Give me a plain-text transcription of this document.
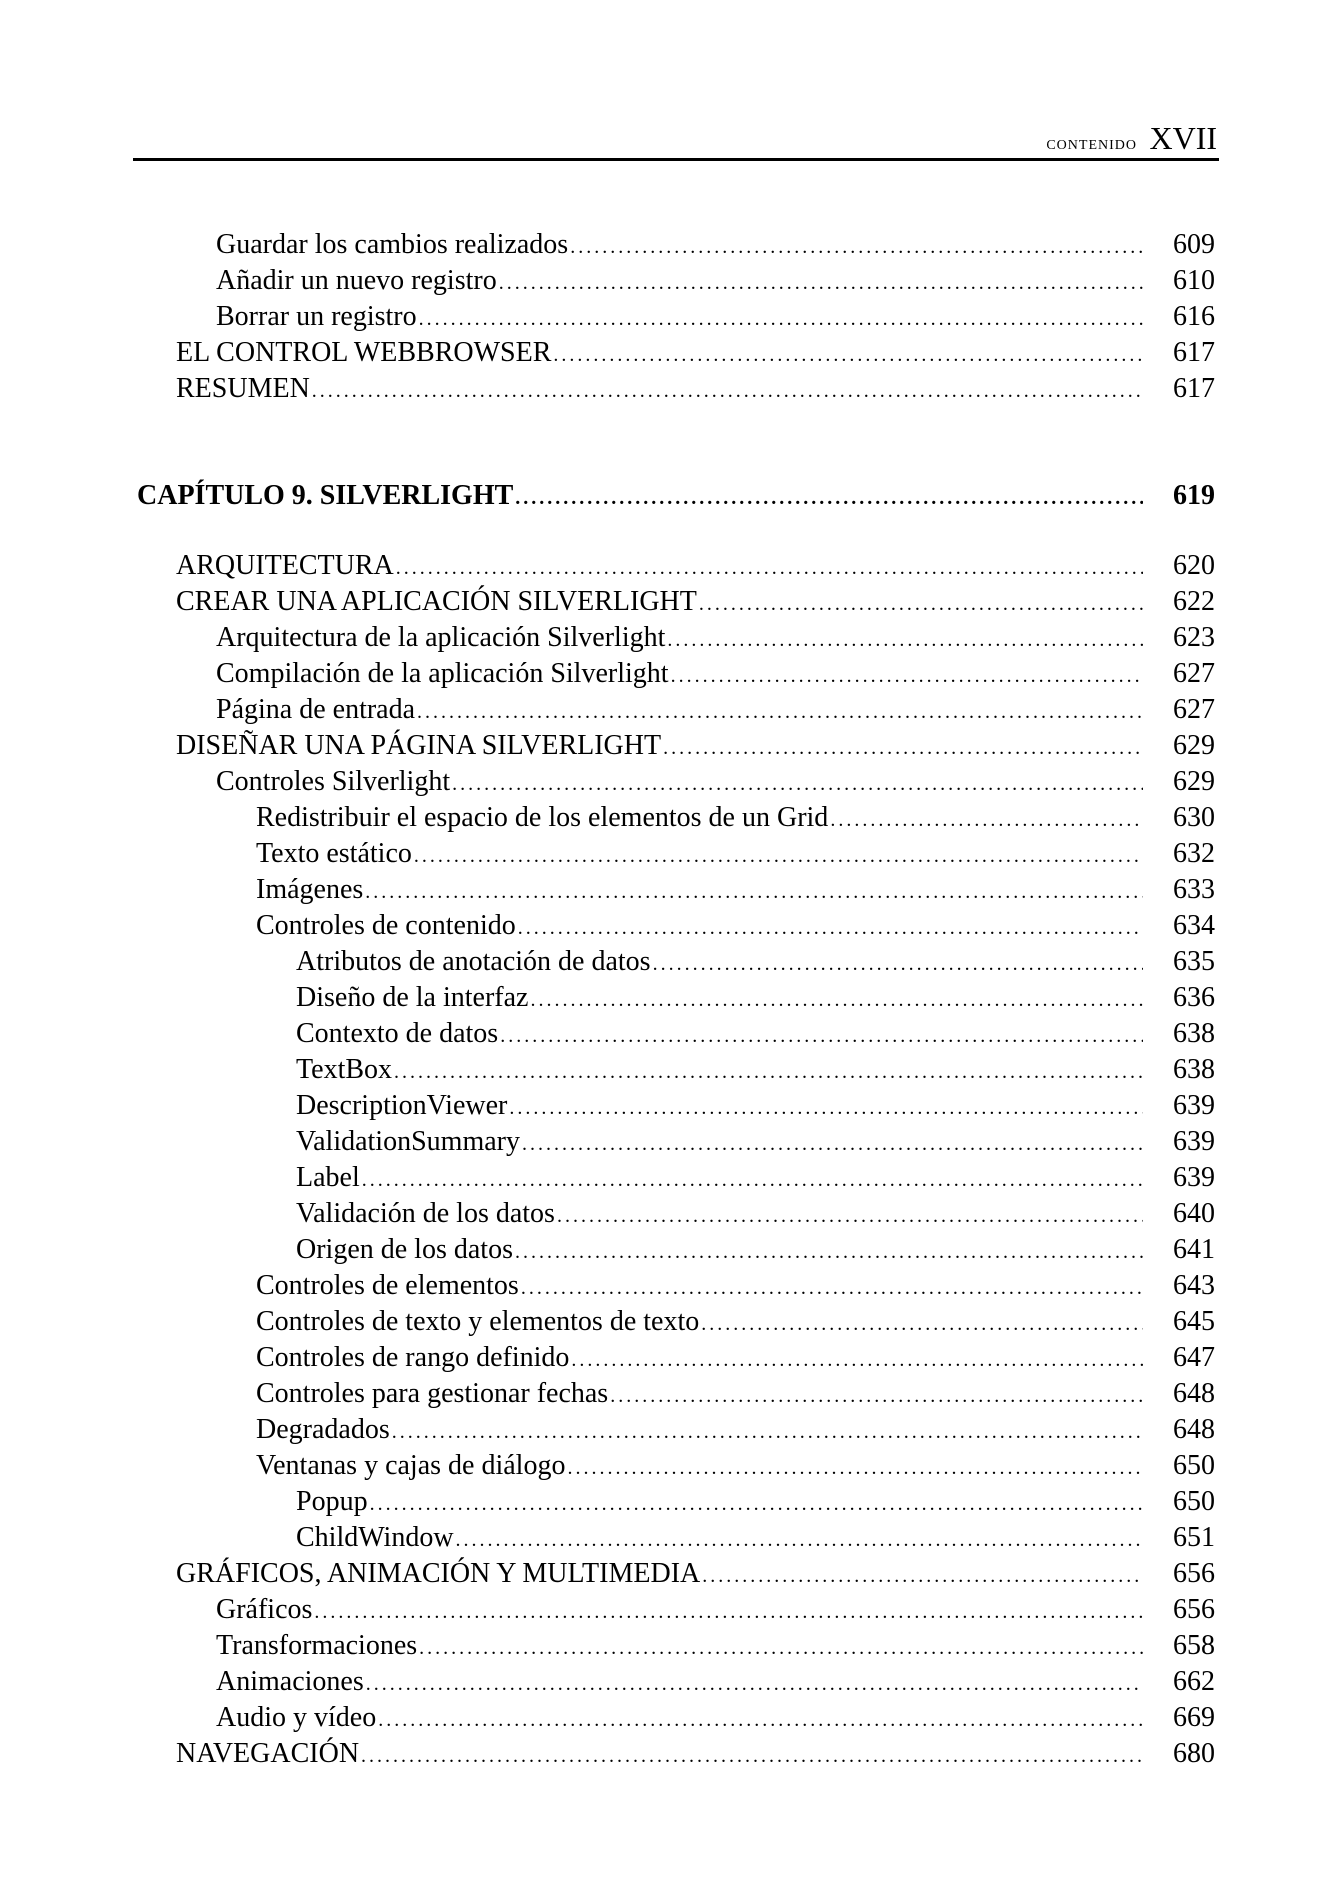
contenido XVII
Guardar los cambios realizados .....	609
Añadir un nuevo registro .....	610
Borrar un registro .....	616
EL CONTROL WEBBROWSER .....	617
RESUMEN .....	617
CAPÍTULO 9. SILVERLIGHT .....	619
ARQUITECTURA .....	620
CREAR UNA APLICACIÓN SILVERLIGHT .....	622
Arquitectura de la aplicación Silverlight .....	623
Compilación de la aplicación Silverlight .....	627
Página de entrada .....	627
DISEÑAR UNA PÁGINA SILVERLIGHT .....	629
Controles Silverlight .....	629
Redistribuir el espacio de los elementos de un Grid .....	630
Texto estático .....	632
Imágenes .....	633
Controles de contenido .....	634
Atributos de anotación de datos .....	635
Diseño de la interfaz .....	636
Contexto de datos .....	638
TextBox .....	638
DescriptionViewer .....	639
ValidationSummary .....	639
Label .....	639
Validación de los datos .....	640
Origen de los datos .....	641
Controles de elementos .....	643
Controles de texto y elementos de texto .....	645
Controles de rango definido .....	647
Controles para gestionar fechas .....	648
Degradados .....	648
Ventanas y cajas de diálogo .....	650
Popup .....	650
ChildWindow .....	651
GRÁFICOS, ANIMACIÓN Y MULTIMEDIA .....	656
Gráficos .....	656
Transformaciones .....	658
Animaciones .....	662
Audio y vídeo .....	669
NAVEGACIÓN .....	680
